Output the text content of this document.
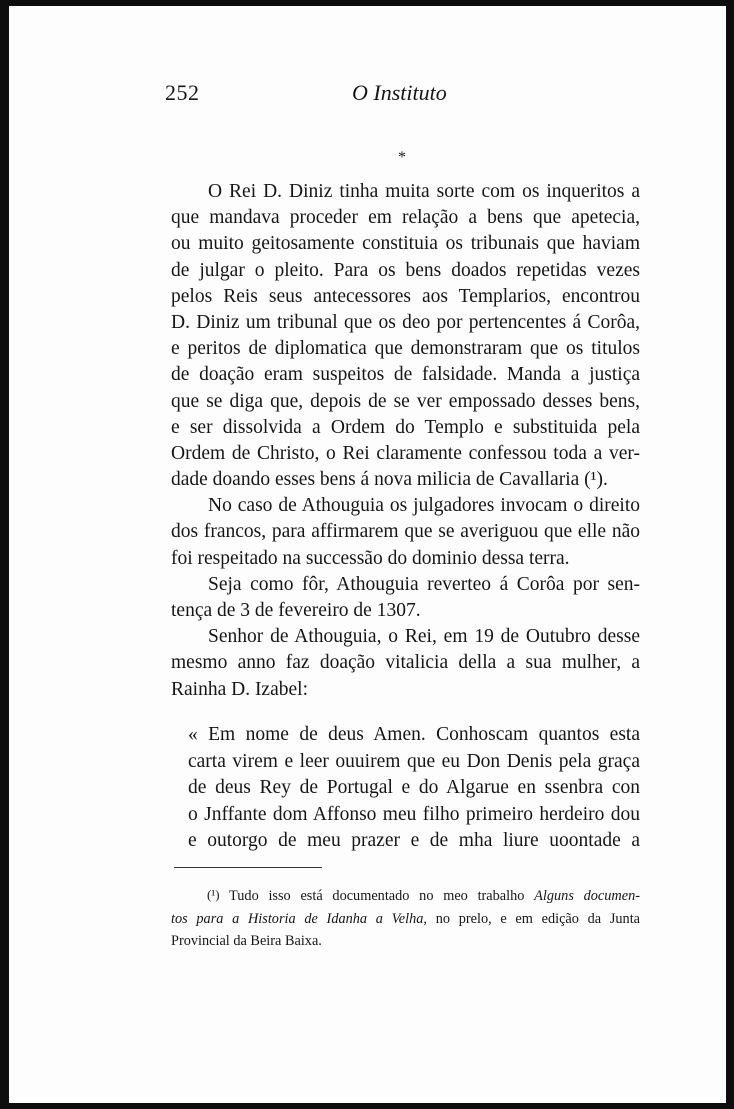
252	O Instituto
*
O Rei D. Diniz tinha muita sorte com os inqueritos a
que mandava proceder em relação a bens que apetecia,
ou muito geitosamente constituia os tribunais que haviam
de julgar o pleito. Para os bens doados repetidas vezes
pelos Reis seus antecessores aos Templarios, encontrou
D. Diniz um tribunal que os deo por pertencentes á Corôa,
e peritos de diplomatica que demonstraram que os titulos
de doação eram suspeitos de falsidade. Manda a justiça
que se diga que, depois de se ver empossado desses bens,
e ser dissolvida a Ordem do Templo e substituida pela
Ordem de Christo, o Rei claramente confessou toda a ver-
dade doando esses bens á nova milicia de Cavallaria (¹).
No caso de Athouguia os julgadores invocam o direito
dos francos, para affirmarem que se averiguou que elle não
foi respeitado na successão do dominio dessa terra.
Seja como fôr, Athouguia reverteo á Corôa por sen-
tença de 3 de fevereiro de 1307.
Senhor de Athouguia, o Rei, em 19 de Outubro desse
mesmo anno faz doação vitalicia della a sua mulher, a
Rainha D. Izabel:
« Em nome de deus Amen. Conhoscam quantos esta
carta virem e leer ouuirem que eu Don Denis pela graça
de deus Rey de Portugal e do Algarue en ssenbra con
o Jnffante dom Affonso meu filho primeiro herdeiro dou
e outorgo de meu prazer e de mha liure uoontade a
(¹) Tudo isso está documentado no meo trabalho Alguns documen-
tos para a Historia de Idanha a Velha, no prelo, e em edição da Junta
Provincial da Beira Baixa.
